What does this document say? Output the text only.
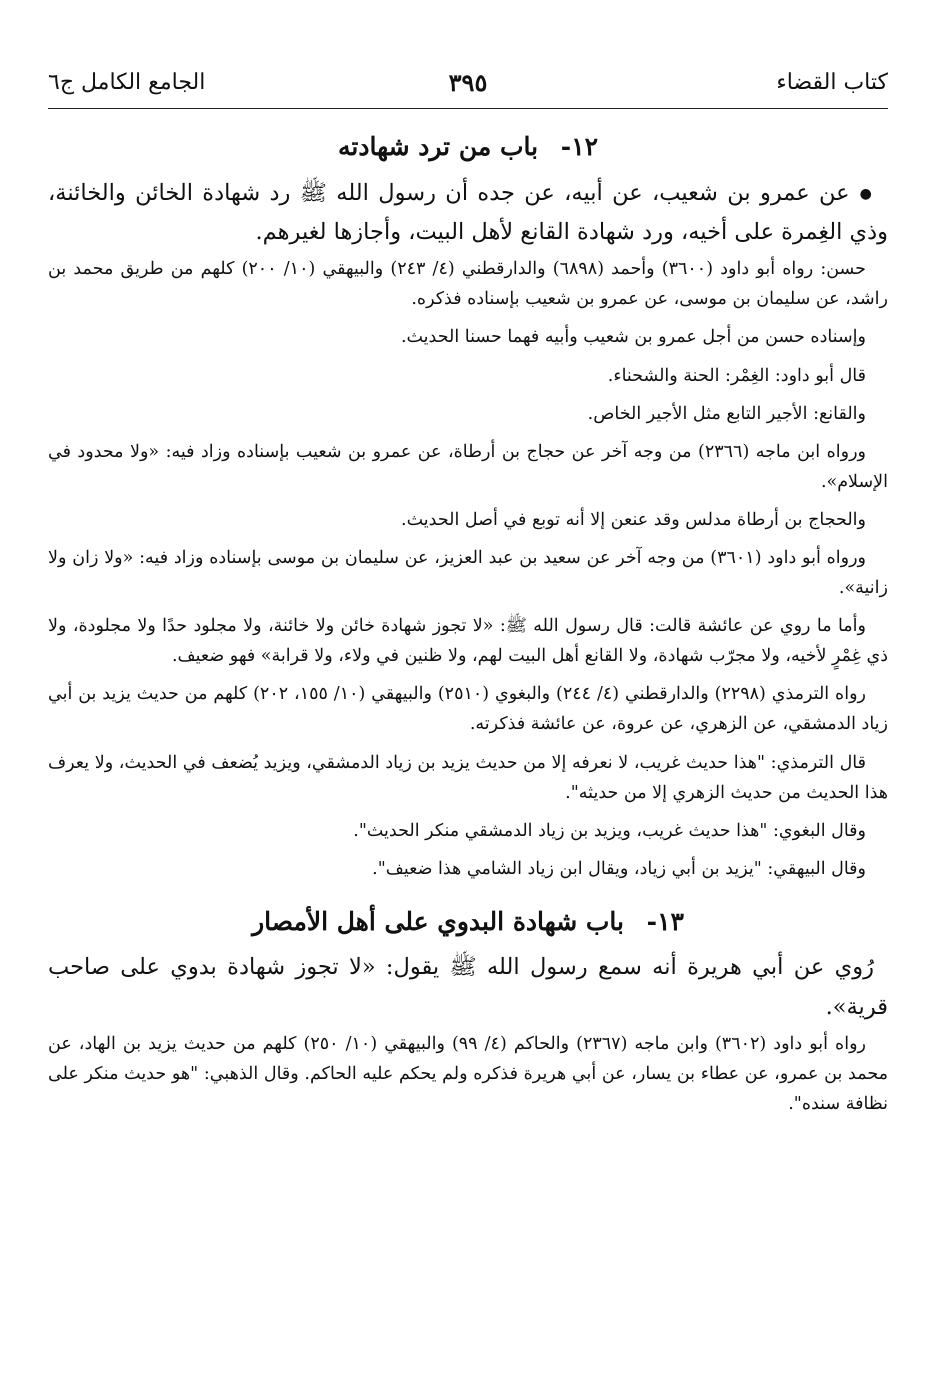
كتاب القضاء
٣٩٥
الجامع الكامل ج٦
١٢- باب من ترد شهادته

● عن عمرو بن شعيب، عن أبيه، عن جده أن رسول الله ﷺ رد شهادة الخائن والخائنة، وذي الغِمرة على أخيه، ورد شهادة القانع لأهل البيت، وأجازها لغيرهم.

حسن: رواه أبو داود (٣٦٠٠) وأحمد (٦٨٩٨) والدارقطني (٤/ ٢٤٣) والبيهقي (١٠/ ٢٠٠) كلهم من طريق محمد بن راشد، عن سليمان بن موسى، عن عمرو بن شعيب بإسناده فذكره.

وإسناده حسن من أجل عمرو بن شعيب وأبيه فهما حسنا الحديث.

قال أبو داود: الغِمْر: الحنة والشحناء.

والقانع: الأجير التابع مثل الأجير الخاص.

ورواه ابن ماجه (٢٣٦٦) من وجه آخر عن حجاج بن أرطاة، عن عمرو بن شعيب بإسناده وزاد فيه: «ولا محدود في الإسلام».

والحجاج بن أرطاة مدلس وقد عنعن إلا أنه توبع في أصل الحديث.

ورواه أبو داود (٣٦٠١) من وجه آخر عن سعيد بن عبد العزيز، عن سليمان بن موسى بإسناده وزاد فيه: «ولا زان ولا زانية».

وأما ما روي عن عائشة قالت: قال رسول الله ﷺ: «لا تجوز شهادة خائن ولا خائنة، ولا مجلود حدًا ولا مجلودة، ولا ذي غِمْرٍ لأخيه، ولا مجرّب شهادة، ولا القانع أهل البيت لهم، ولا ظنين في ولاء، ولا قرابة» فهو ضعيف.

رواه الترمذي (٢٢٩٨) والدارقطني (٤/ ٢٤٤) والبغوي (٢٥١٠) والبيهقي (١٠/ ١٥٥، ٢٠٢) كلهم من حديث يزيد بن أبي زياد الدمشقي، عن الزهري، عن عروة، عن عائشة فذكرته.

قال الترمذي: "هذا حديث غريب، لا نعرفه إلا من حديث يزيد بن زياد الدمشقي، ويزيد يُضعف في الحديث، ولا يعرف هذا الحديث من حديث الزهري إلا من حديثه".

وقال البغوي: "هذا حديث غريب، ويزيد بن زياد الدمشقي منكر الحديث".

وقال البيهقي: "يزيد بن أبي زياد، ويقال ابن زياد الشامي هذا ضعيف".

١٣- باب شهادة البدوي على أهل الأمصار

رُوي عن أبي هريرة أنه سمع رسول الله ﷺ يقول: «لا تجوز شهادة بدوي على صاحب قرية».

رواه أبو داود (٣٦٠٢) وابن ماجه (٢٣٦٧) والحاكم (٤/ ٩٩) والبيهقي (١٠/ ٢٥٠) كلهم من حديث يزيد بن الهاد، عن محمد بن عمرو، عن عطاء بن يسار، عن أبي هريرة فذكره ولم يحكم عليه الحاكم. وقال الذهبي: "هو حديث منكر على نظافة سنده".
